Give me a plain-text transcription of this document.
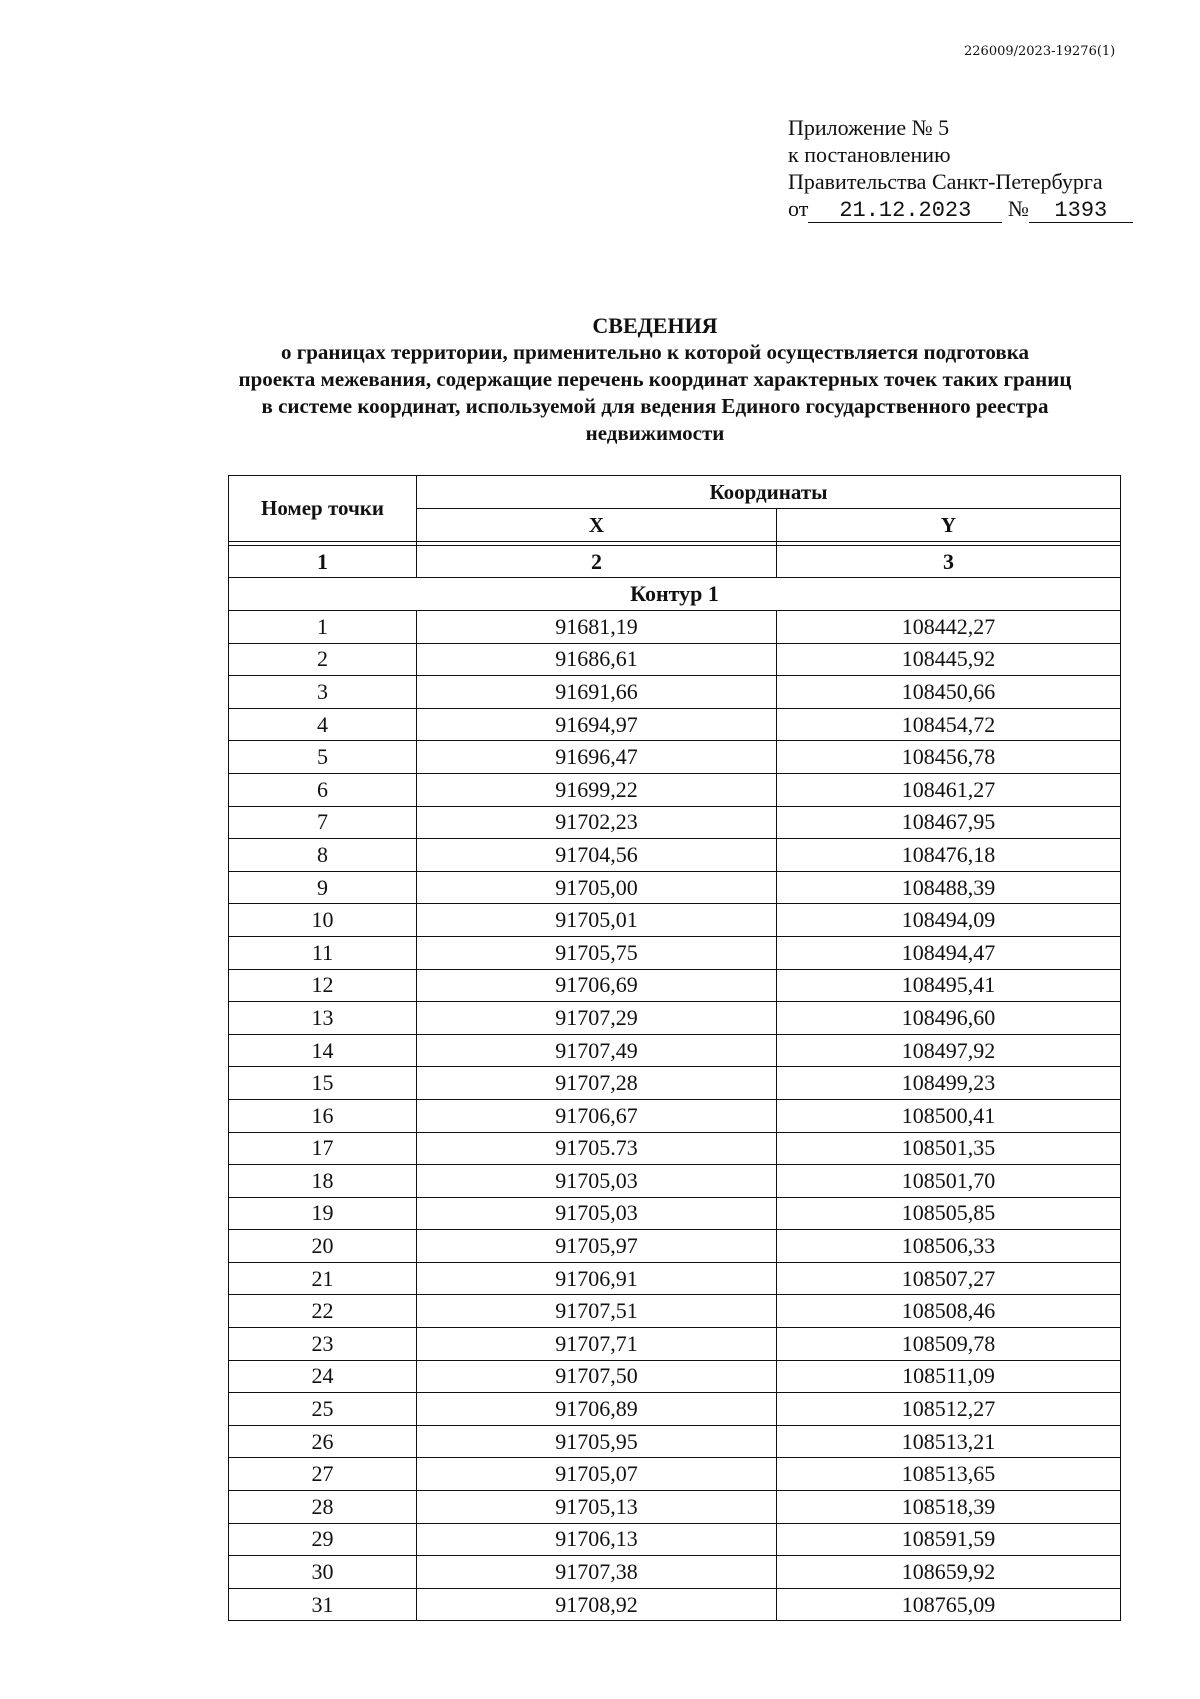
226009/2023-19276(1)
Приложение № 5
к постановлению
Правительства Санкт-Петербурга
от 21.12.2023 № 1393
СВЕДЕНИЯ
о границах территории, применительно к которой осуществляется подготовка
проекта межевания, содержащие перечень координат характерных точек таких границ
в системе координат, используемой для ведения Единого государственного реестра
недвижимости
Номер точки	Координаты	
	X	Y

1	2	3
Контур 1		
1	91681,19	108442,27
2	91686,61	108445,92
3	91691,66	108450,66
4	91694,97	108454,72
5	91696,47	108456,78
6	91699,22	108461,27
7	91702,23	108467,95
8	91704,56	108476,18
9	91705,00	108488,39
10	91705,01	108494,09
11	91705,75	108494,47
12	91706,69	108495,41
13	91707,29	108496,60
14	91707,49	108497,92
15	91707,28	108499,23
16	91706,67	108500,41
17	91705.73	108501,35
18	91705,03	108501,70
19	91705,03	108505,85
20	91705,97	108506,33
21	91706,91	108507,27
22	91707,51	108508,46
23	91707,71	108509,78
24	91707,50	108511,09
25	91706,89	108512,27
26	91705,95	108513,21
27	91705,07	108513,65
28	91705,13	108518,39
29	91706,13	108591,59
30	91707,38	108659,92
31	91708,92	108765,09
